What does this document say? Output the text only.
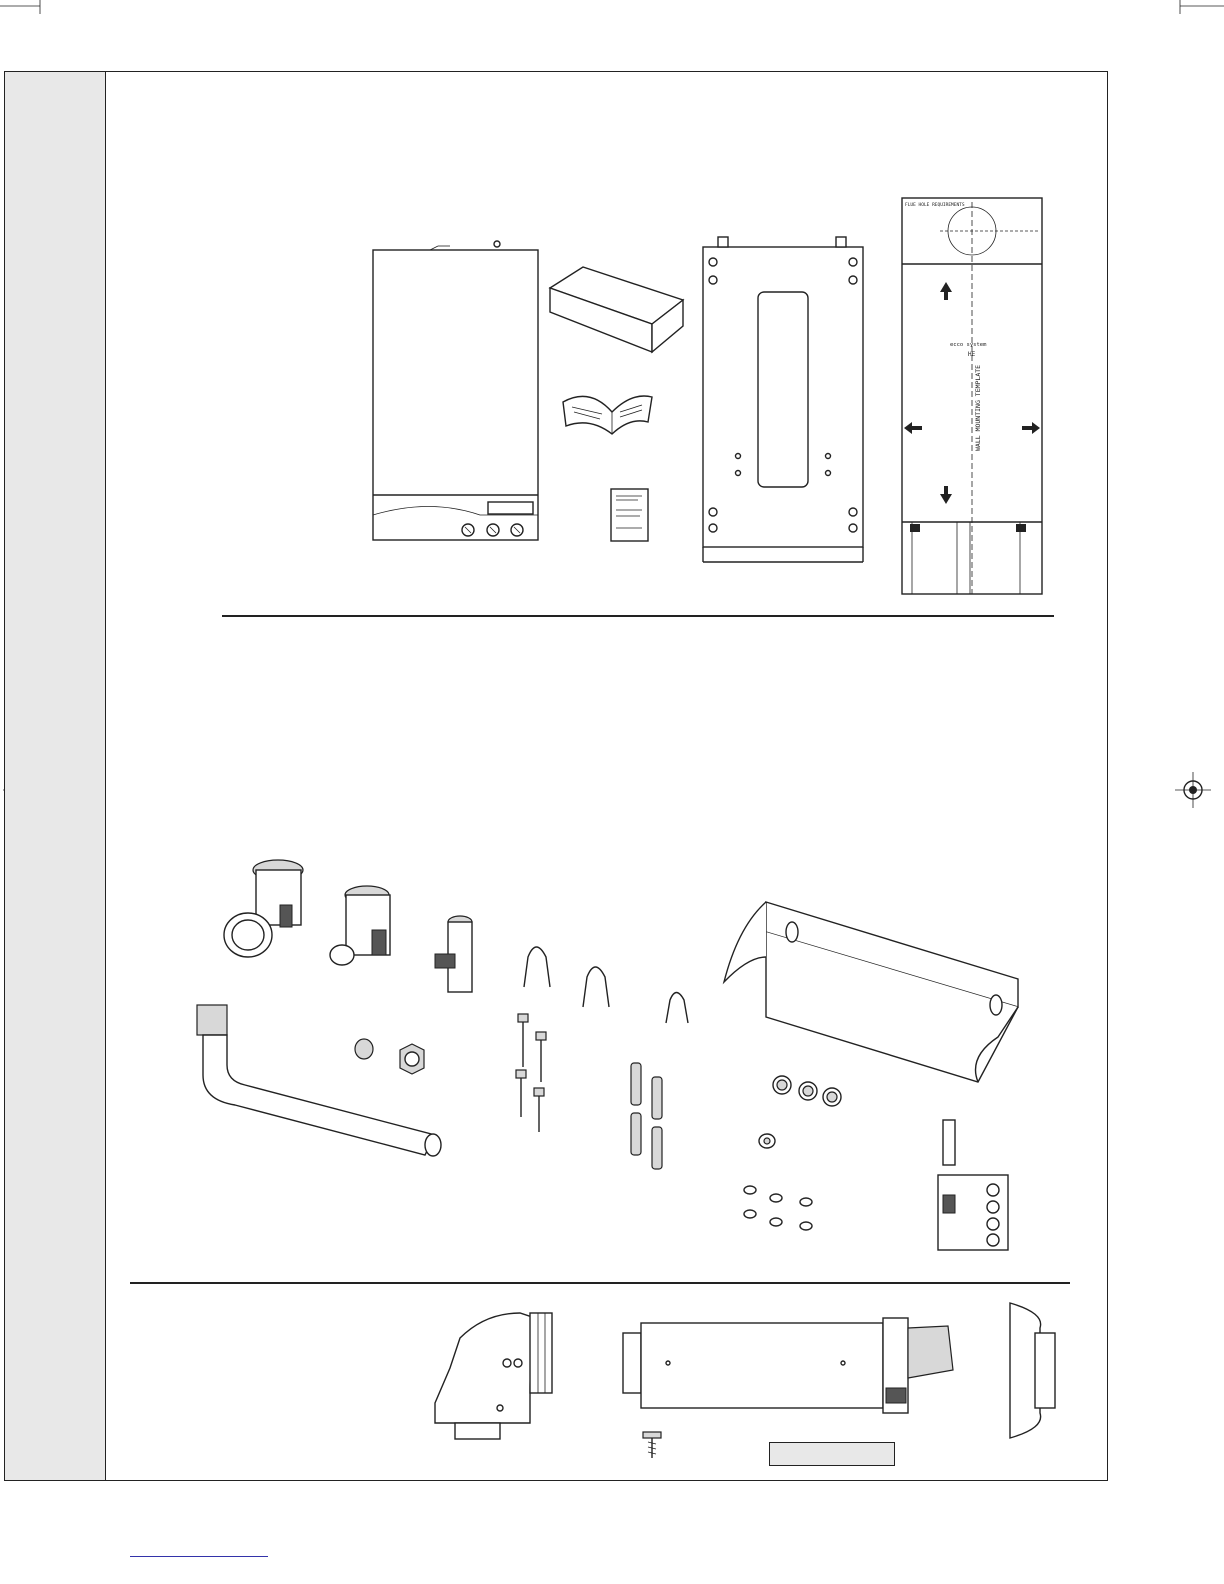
FLUE HOLE REQUIREMENTS
ecco system
HE
WALL MOUNTING TEMPLATE
